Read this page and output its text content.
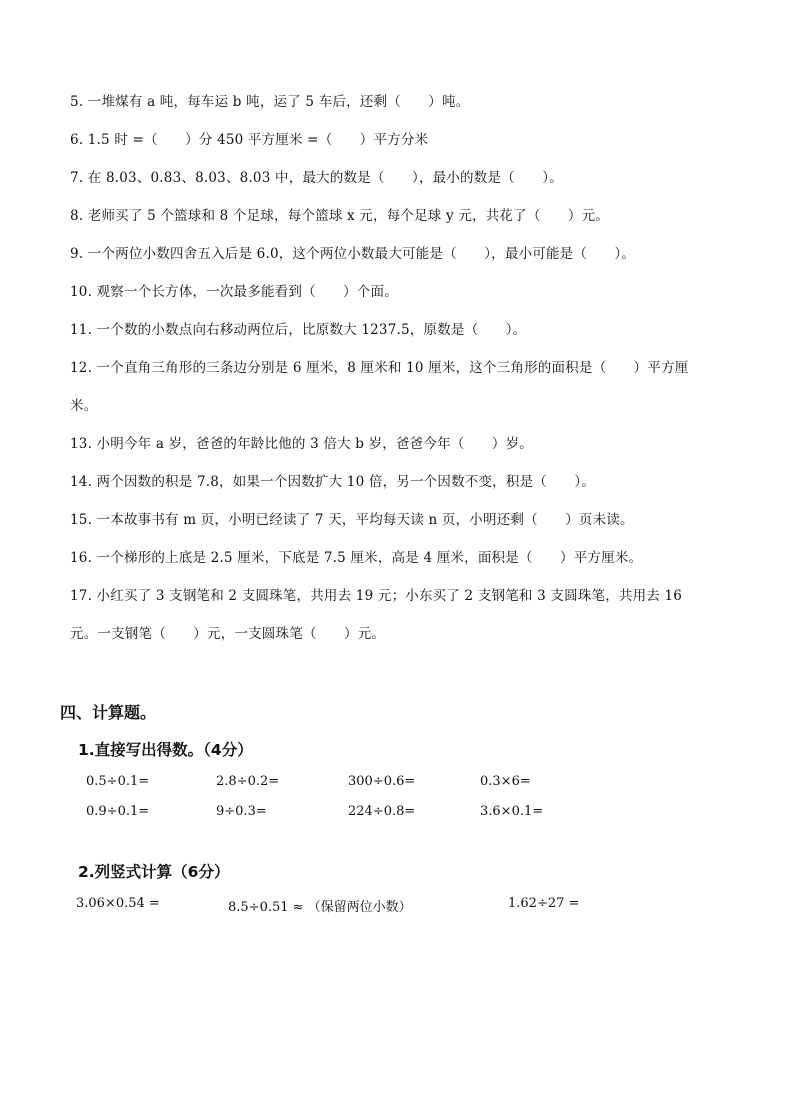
5. 一堆煤有 a 吨，每车运 b 吨，运了 5 车后，还剩（　　）吨。
6. 1.5 时 =（　　）分 450 平方厘米 =（　　）平方分米
7. 在 8.03、0.83、8.03、8.03 中，最大的数是（　　），最小的数是（　　）。
8. 老师买了 5 个篮球和 8 个足球，每个篮球 x 元，每个足球 y 元，共花了（　　）元。
9. 一个两位小数四舍五入后是 6.0，这个两位小数最大可能是（　　），最小可能是（　　）。
10. 观察一个长方体，一次最多能看到（　　）个面。
11. 一个数的小数点向右移动两位后，比原数大 1237.5，原数是（　　）。
12. 一个直角三角形的三条边分别是 6 厘米，8 厘米和 10 厘米，这个三角形的面积是（　　）平方厘
米。
13. 小明今年 a 岁，爸爸的年龄比他的 3 倍大 b 岁，爸爸今年（　　）岁。
14. 两个因数的积是 7.8，如果一个因数扩大 10 倍，另一个因数不变，积是（　　）。
15. 一本故事书有 m 页，小明已经读了 7 天，平均每天读 n 页，小明还剩（　　）页未读。
16. 一个梯形的上底是 2.5 厘米，下底是 7.5 厘米，高是 4 厘米，面积是（　　）平方厘米。
17. 小红买了 3 支钢笔和 2 支圆珠笔，共用去 19 元；小东买了 2 支钢笔和 3 支圆珠笔，共用去 16
元。一支钢笔（　　）元，一支圆珠笔（　　）元。
四、计算题。
1.直接写出得数。（4分）
0.5÷0.1=	2.8÷0.2=	300÷0.6=	0.3×6=
0.9÷0.1=	9÷0.3=	224÷0.8=	3.6×0.1=
2.列竖式计算（6分）
3.06×0.54 =	8.5÷0.51 ≈ （保留两位小数）	1.62÷27 =
